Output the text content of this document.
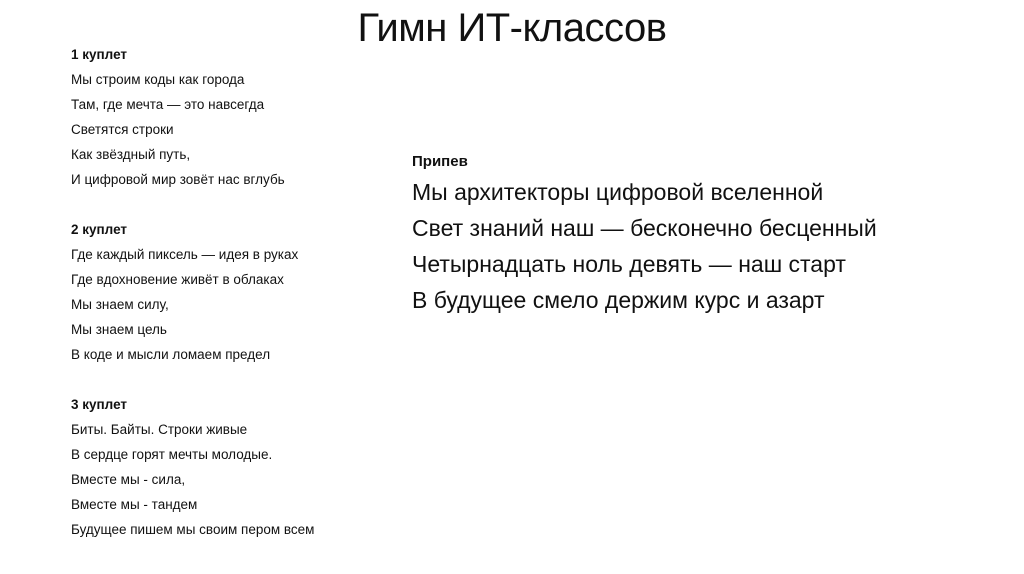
Гимн ИТ-классов
1 куплет
Мы строим коды как города
Там, где мечта — это навсегда
Светятся строки
Как звёздный путь,
И цифровой мир зовёт нас вглубь
2 куплет
Где каждый пиксель — идея в руках
Где вдохновение живёт в облаках
Мы знаем силу,
Мы знаем цель
В коде и мысли ломаем предел
3 куплет
Биты. Байты. Строки живые
В сердце горят мечты молодые.
Вместе мы - сила,
Вместе мы - тандем
Будущее пишем мы своим пером всем
Припев
Мы архитекторы цифровой вселенной
Свет знаний наш — бесконечно бесценный
Четырнадцать ноль девять — наш старт
В будущее смело держим курс и азарт
